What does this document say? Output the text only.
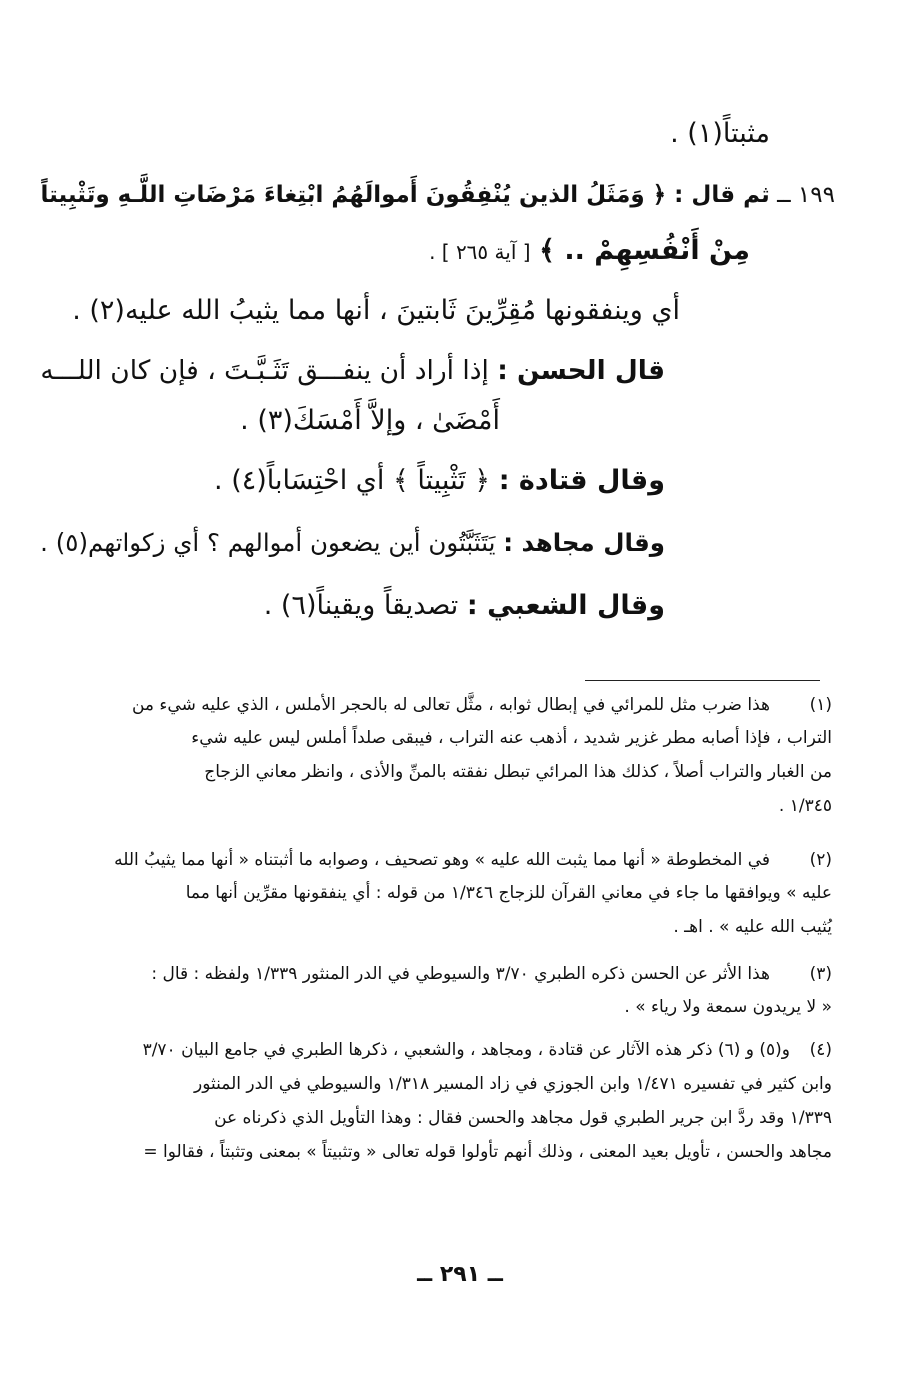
مثبتاً(١) .
١٩٩ ــ ثم قال : ﴿ وَمَثَلُ الذين يُنْفِقُونَ أَموالَهُمُ ابْتِغاءَ مَرْضَاتِ اللَّـهِ وتَثْبِيتاً
مِنْ أَنْفُسِهِمْ .. ﴾ [ آية ٢٦٥ ] .
أي وينفقونها مُقِرِّينَ ثَابتينَ ، أنها مما يثيبُ الله عليه(٢) .
قال الحسن : إذا أراد أن ينفـــق تَثَـبَّـتَ ، فإن كان اللـــه
أَمْضَىٰ ، وإلاَّ أَمْسَكَ(٣) .
وقال قتادة : ﴿ تَثْبِيتاً ﴾ أي احْتِسَاباً(٤) .
وقال مجاهد : يَتَثَبَّتُون أين يضعون أموالهم ؟ أي زكواتهم(٥) .
وقال الشعبي : تصديقاً ويقيناً(٦) .
(١)
هذا ضرب مثل للمرائي في إبطال ثوابه ، مثَّل تعالى له بالحجر الأملس ، الذي عليه شيء من
التراب ، فإذا أصابه مطر غزير شديد ، أذهب عنه التراب ، فيبقى صلداً أملس ليس عليه شيء
من الغبار والتراب أصلاً ، كذلك هذا المرائي تبطل نفقته بالمنِّ والأذى ، وانظر معاني الزجاج
١/٣٤٥ .
(٢)
في المخطوطة « أنها مما يثبت الله عليه » وهو تصحيف ، وصوابه ما أثبتناه « أنها مما يثيبُ الله
عليه » ويوافقها ما جاء في معاني القرآن للزجاج ١/٣٤٦ من قوله : أي ينفقونها مقرِّين أنها مما
يُثيب الله عليه » . اهـ .
(٣)
هذا الأثر عن الحسن ذكره الطبري ٣/٧٠ والسيوطي في الدر المنثور ١/٣٣٩ ولفظه : قال :
« لا يريدون سمعة ولا رياء » .
(٤)
و(٥) و (٦) ذكر هذه الآثار عن قتادة ، ومجاهد ، والشعبي ، ذكرها الطبري في جامع البيان ٣/٧٠
وابن كثير في تفسيره ١/٤٧١ وابن الجوزي في زاد المسير ١/٣١٨ والسيوطي في الدر المنثور
١/٣٣٩ وقد ردَّ ابن جرير الطبري قول مجاهد والحسن فقال : وهذا التأويل الذي ذكرناه عن
مجاهد والحسن ، تأويل بعيد المعنى ، وذلك أنهم تأولوا قوله تعالى « وتثبيتاً » بمعنى وتثبتاً ، فقالوا =
ــ ٢٩١ ــ
